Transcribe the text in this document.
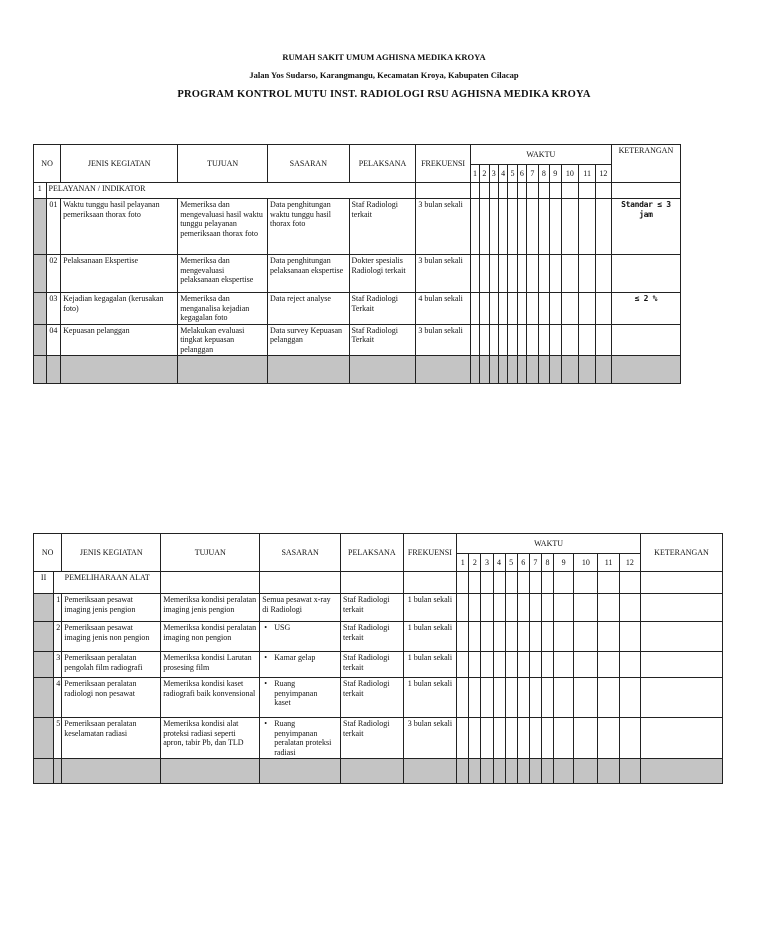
RUMAH SAKIT UMUM AGHISNA MEDIKA KROYA
Jalan Yos Sudarso, Karangmangu, Kecamatan Kroya, Kabupaten Cilacap
PROGRAM KONTROL MUTU INST. RADIOLOGI RSU AGHISNA MEDIKA KROYA
NO		JENIS KEGIATAN	TUJUAN	SASARAN	PELAKSANA	FREKUENSI	WAKTU												KETERANGAN
							1	2	3	4	5	6	7	8	9	10	11	12	
1	PELAYANAN / INDIKATOR																		
	01	Waktu tunggu hasil pelayanan pemeriksaan thorax foto	Memeriksa dan mengevaluasi hasil waktu tunggu pelayanan pemeriksaan thorax foto	Data penghitungan waktu tunggu hasil thorax foto	Staf Radiologi terkait	3 bulan sekali													Standar ≤ 3 jam
	02	Pelaksanaan Ekspertise	Memeriksa dan mengevaluasi pelaksanaan ekspertise	Data penghitungan pelaksanaan ekspertise	Dokter spesialis Radiologi terkait	3 bulan sekali													
	03	Kejadian kegagalan (kerusakan foto)	Memeriksa dan menganalisa kejadian kegagalan foto	Data reject analyse	Staf Radiologi Terkait	4 bulan sekali													≤ 2 %
	04	Kepuasan pelanggan	Melakukan evaluasi tingkat kepuasan pelanggan	Data survey Kepuasan pelanggan	Staf Radiologi Terkait	3 bulan sekali													

NO		JENIS KEGIATAN	TUJUAN	SASARAN	PELAKSANA	FREKUENSI	WAKTU												KETERANGAN
							1	2	3	4	5	6	7	8	9	10	11	12	
II	PEMELIHARAAN ALAT																		
	1	Pemeriksaan pesawat imaging jenis pengion	Memeriksa kondisi peralatan imaging jenis pengion	Semua pesawat x-ray di Radiologi	Staf Radiologi terkait	1 bulan sekali													
	2	Pemeriksaan pesawat imaging jenis non pengion	Memeriksa kondisi peralatan imaging non pengion	• USG	Staf Radiologi terkait	1 bulan sekali													
	3	Pemeriksaan peralatan pengolah film radiografi	Memeriksa kondisi Larutan prosesing film	• Kamar gelap	Staf Radiologi terkait	1 bulan sekali													
	4	Pemeriksaan peralatan radiologi non pesawat	Memeriksa kondisi kaset radiografi baik konvensional	• Ruang penyimpanan kaset	Staf Radiologi terkait	1 bulan sekali													
	5	Pemeriksaan peralatan keselamatan radiasi	Memeriksa kondisi alat proteksi radiasi seperti apron, tabir Pb, dan TLD	• Ruang penyimpanan peralatan proteksi radiasi	Staf Radiologi terkait	3 bulan sekali													
